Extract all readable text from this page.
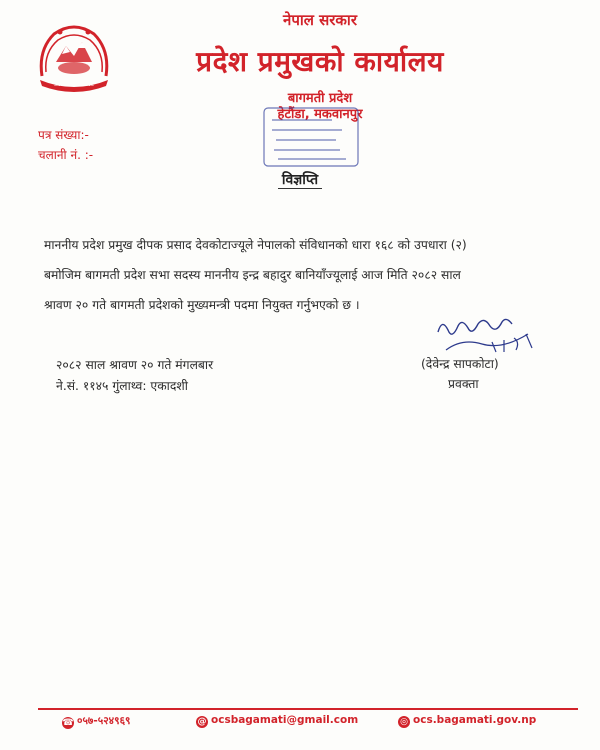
~~~~~~~~~~~~
नेपाल सरकार
प्रदेश प्रमुखको कार्यालय
बागमती प्रदेश
हेटौंडा, मकवानपुर
पत्र संख्या:-
चलानी नं. :-
विज्ञप्ति
माननीय प्रदेश प्रमुख दीपक प्रसाद देवकोटाज्यूले नेपालको संविधानको धारा १६८ को उपधारा (२)
बमोजिम बागमती प्रदेश सभा सदस्य माननीय इन्द्र बहादुर बानियाँज्यूलाई आज मिति २०८२ साल
श्रावण २० गते बागमती प्रदेशको मुख्यमन्त्री पदमा नियुक्त गर्नुभएको छ ।
(देवेन्द्र सापकोटा)
प्रवक्ता
२०८२ साल श्रावण २० गते मंगलबार
ने.सं. ११४५ गुंलाथ्व: एकादशी
☎ ०५७-५२४९६९	@ ocsbagamati@gmail.com	◎ ocs.bagamati.gov.np
